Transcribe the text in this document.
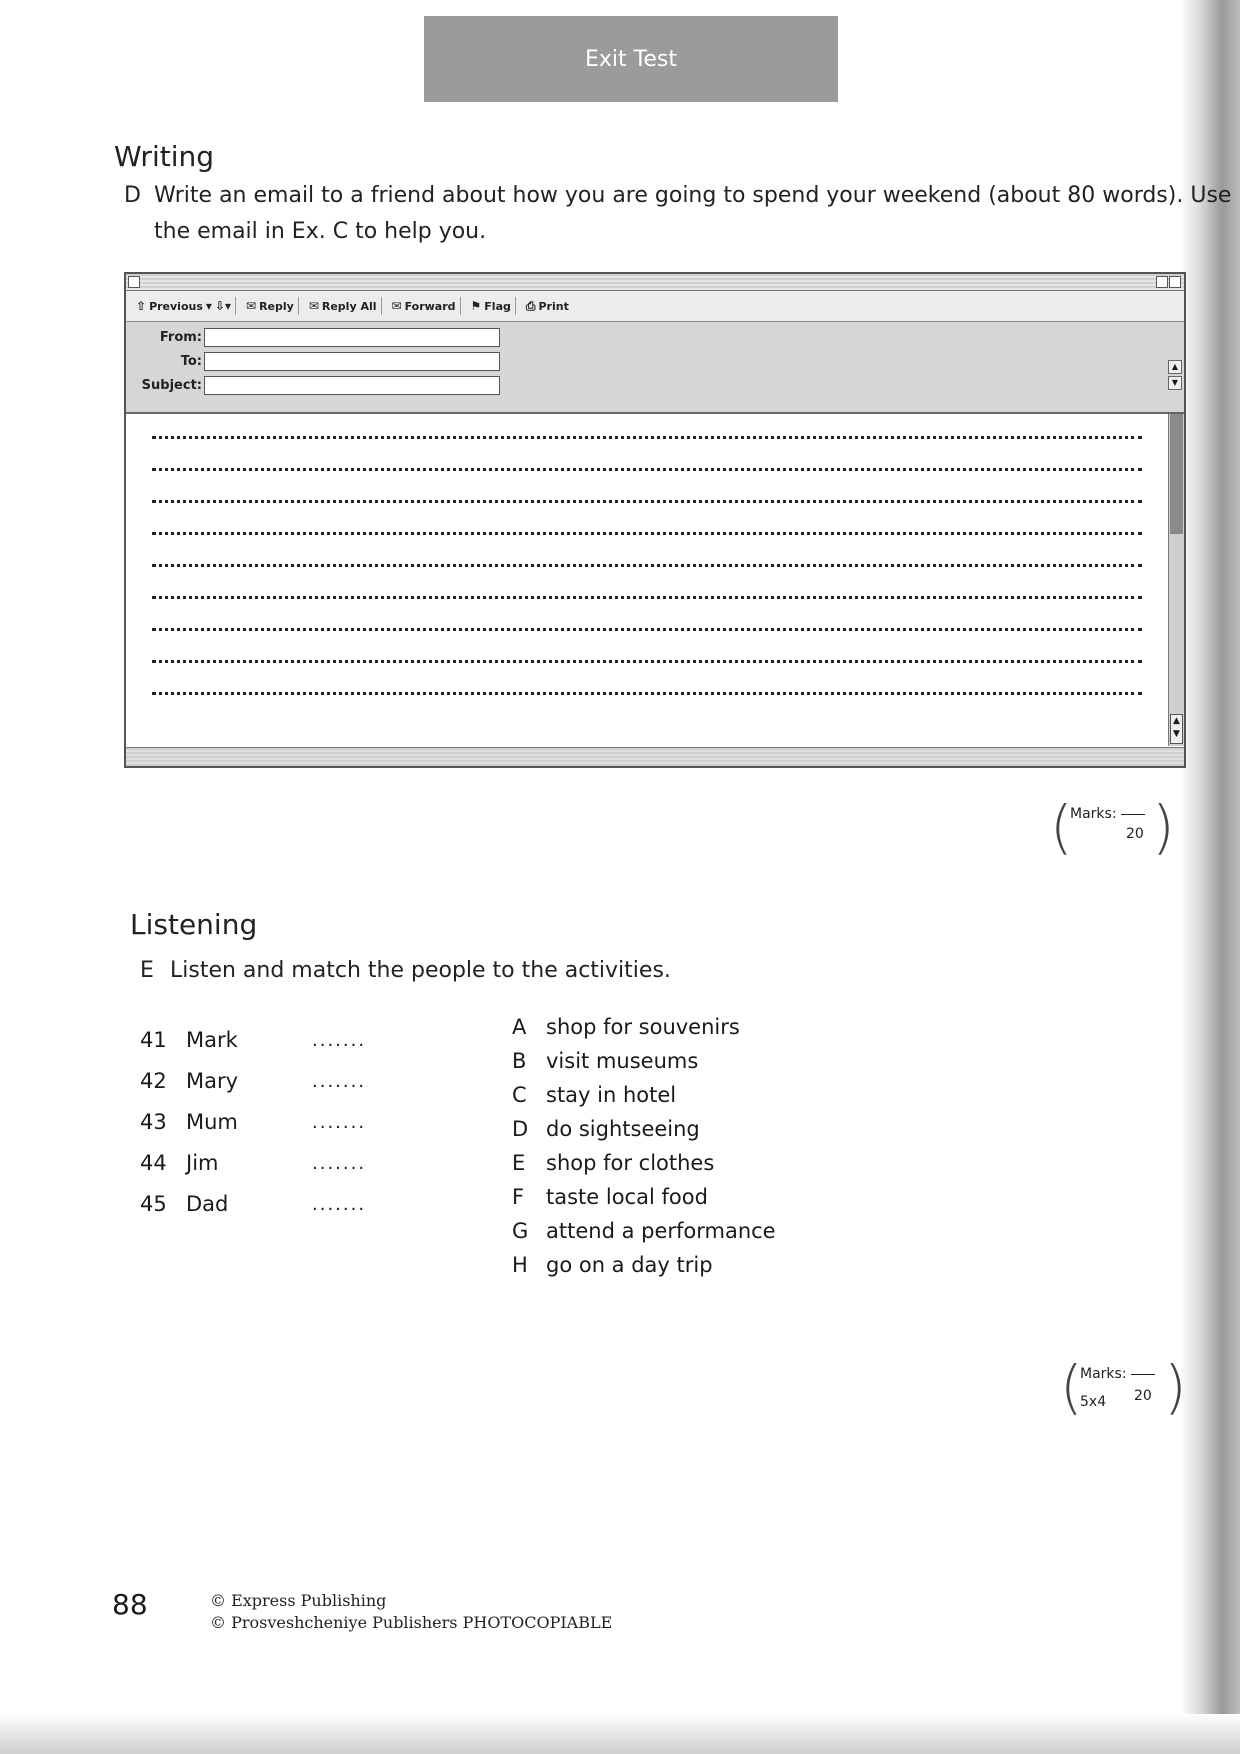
Exit Test
Writing
D Write an email to a friend about how you are going to spend your weekend (about 80 words). Use
the email in Ex. C to help you.
⇧ Previous ▾ ⇩▾ ✉ Reply ✉ Reply All ✉ Forward ⚑ Flag ⎙ Print
From:
To:
Subject:
▲
▼
▲
▼
(
Marks:
20 )
Listening
E Listen and match the people to the activities.
41 Mark	.......
42 Mary	.......
43 Mum	.......
44 Jim	.......
45 Dad	.......
A shop for souvenirs
B visit museums
C stay in hotel
D do sightseeing
E shop for clothes
F	taste local food
G attend a performance
H go on a day trip
(
Marks:
5x4 20 )
88	© Express Publishing
© Prosveshcheniye Publishers PHOTOCOPIABLE
